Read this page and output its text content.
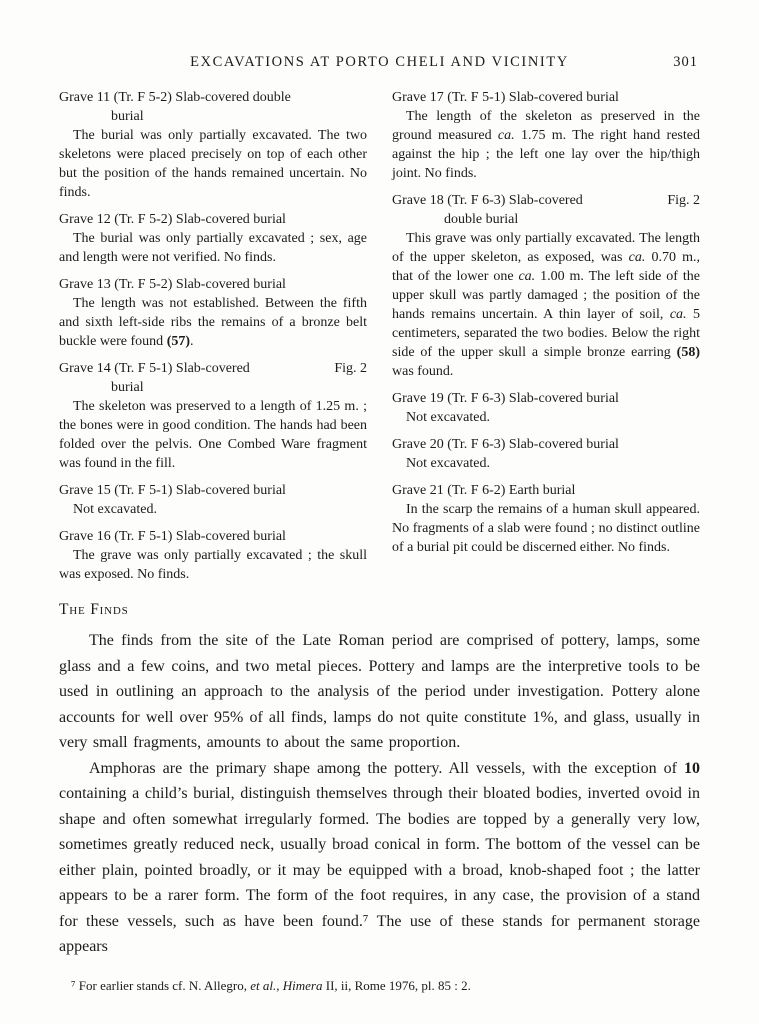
EXCAVATIONS AT PORTO CHELI AND VICINITY	301
Grave 11 (Tr. F 5-2) Slab-covered double
burial

The burial was only partially excavated. The two skeletons were placed precisely on top of each other but the position of the hands remained uncertain. No finds.

Grave 12 (Tr. F 5-2) Slab-covered burial

The burial was only partially excavated ; sex, age and length were not verified. No finds.

Grave 13 (Tr. F 5-2) Slab-covered burial

The length was not established. Between the fifth and sixth left-side ribs the remains of a bronze belt buckle were found (57).

Grave 14 (Tr. F 5-1) Slab-covered	Fig. 2
burial

The skeleton was preserved to a length of 1.25 m. ; the bones were in good condition. The hands had been folded over the pelvis. One Combed Ware fragment was found in the fill.

Grave 15 (Tr. F 5-1) Slab-covered burial

Not excavated.

Grave 16 (Tr. F 5-1) Slab-covered burial

The grave was only partially excavated ; the skull was exposed. No finds.

Grave 17 (Tr. F 5-1) Slab-covered burial

The length of the skeleton as preserved in the ground measured ca. 1.75 m. The right hand rested against the hip ; the left one lay over the hip/thigh joint. No finds.

Grave 18 (Tr. F 6-3) Slab-covered	Fig. 2
double burial

This grave was only partially excavated. The length of the upper skeleton, as exposed, was ca. 0.70 m., that of the lower one ca. 1.00 m. The left side of the upper skull was partly damaged ; the position of the hands remains uncertain. A thin layer of soil, ca. 5 centimeters, separated the two bodies. Below the right side of the upper skull a simple bronze earring (58) was found.

Grave 19 (Tr. F 6-3) Slab-covered burial

Not excavated.

Grave 20 (Tr. F 6-3) Slab-covered burial

Not excavated.

Grave 21 (Tr. F 6-2) Earth burial

In the scarp the remains of a human skull appeared. No fragments of a slab were found ; no distinct outline of a burial pit could be discerned either. No finds.

The Finds

The finds from the site of the Late Roman period are comprised of pottery, lamps, some glass and a few coins, and two metal pieces. Pottery and lamps are the interpretive tools to be used in outlining an approach to the analysis of the period under investigation. Pottery alone accounts for well over 95% of all finds, lamps do not quite constitute 1%, and glass, usually in very small fragments, amounts to about the same proportion.

Amphoras are the primary shape among the pottery. All vessels, with the exception of 10 containing a child’s burial, distinguish themselves through their bloated bodies, inverted ovoid in shape and often somewhat irregularly formed. The bodies are topped by a generally very low, sometimes greatly reduced neck, usually broad conical in form. The bottom of the vessel can be either plain, pointed broadly, or it may be equipped with a broad, knob-shaped foot ; the latter appears to be a rarer form. The form of the foot requires, in any case, the provision of a stand for these vessels, such as have been found.⁷ The use of these stands for permanent storage appears

⁷ For earlier stands cf. N. Allegro, et al., Himera II, ii, Rome 1976, pl. 85 : 2.
